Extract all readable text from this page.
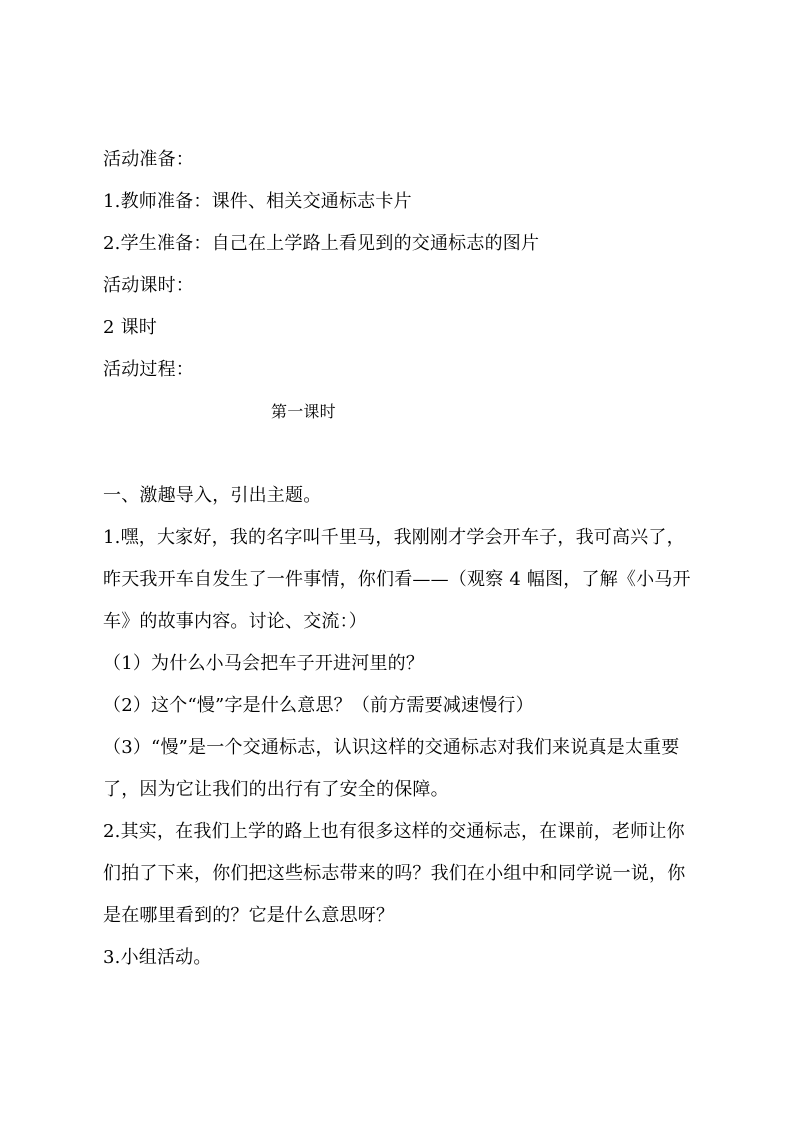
活动准备：
1.教师准备：课件、相关交通标志卡片
2.学生准备：自己在上学路上看见到的交通标志的图片
活动课时：
2 课时
活动过程：
第一课时
一、激趣导入，引出主题。
1.嘿，大家好，我的名字叫千里马，我刚刚才学会开车子，我可高兴了，
昨天我开车自发生了一件事情，你们看——（观察 4 幅图，了解《小马开
车》的故事内容。讨论、交流：）
（1）为什么小马会把车子开进河里的？
（2）这个“慢”字是什么意思？（前方需要减速慢行）
（3）“慢”是一个交通标志，认识这样的交通标志对我们来说真是太重要
了，因为它让我们的出行有了安全的保障。
2.其实，在我们上学的路上也有很多这样的交通标志，在课前，老师让你
们拍了下来，你们把这些标志带来的吗？我们在小组中和同学说一说，你
是在哪里看到的？它是什么意思呀？
3.小组活动。
